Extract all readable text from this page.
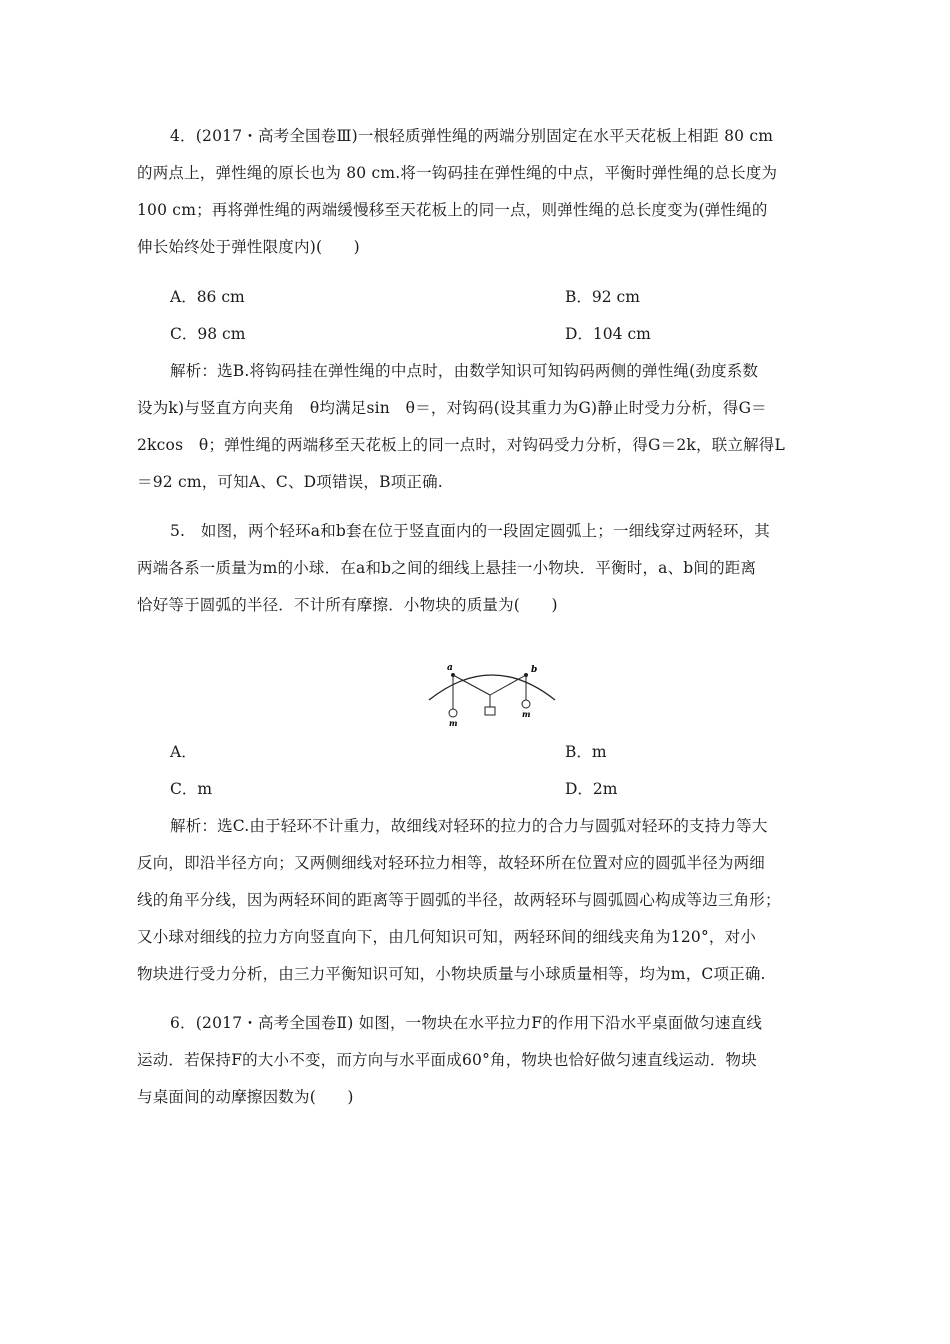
4．(2017・高考全国卷Ⅲ)一根轻质弹性绳的两端分别固定在水平天花板上相距 80 cm
的两点上，弹性绳的原长也为 80 cm.将一钩码挂在弹性绳的中点，平衡时弹性绳的总长度为
100 cm；再将弹性绳的两端缓慢移至天花板上的同一点，则弹性绳的总长度变为(弹性绳的
伸长始终处于弹性限度内)(　　)
A．86 cm	B．92 cm
C．98 cm	D．104 cm
解析：选B.将钩码挂在弹性绳的中点时，由数学知识可知钩码两侧的弹性绳(劲度系数
设为k)与竖直方向夹角　θ均满足sin　θ＝，对钩码(设其重力为G)静止时受力分析，得G＝
2kcos　θ；弹性绳的两端移至天花板上的同一点时，对钩码受力分析，得G＝2k，联立解得L
＝92 cm，可知A、C、D项错误，B项正确.
5.　如图，两个轻环a和b套在位于竖直面内的一段固定圆弧上；一细线穿过两轻环，其
两端各系一质量为m的小球．在a和b之间的细线上悬挂一小物块．平衡时，a、b间的距离
恰好等于圆弧的半径．不计所有摩擦．小物块的质量为(　　)
a	b
m
m
A．	B．m
C．m	D．2m
解析：选C.由于轻环不计重力，故细线对轻环的拉力的合力与圆弧对轻环的支持力等大
反向，即沿半径方向；又两侧细线对轻环拉力相等，故轻环所在位置对应的圆弧半径为两细
线的角平分线，因为两轻环间的距离等于圆弧的半径，故两轻环与圆弧圆心构成等边三角形；
又小球对细线的拉力方向竖直向下，由几何知识可知，两轻环间的细线夹角为120°，对小
物块进行受力分析，由三力平衡知识可知，小物块质量与小球质量相等，均为m，C项正确.
6．(2017・高考全国卷Ⅱ) 如图，一物块在水平拉力F的作用下沿水平桌面做匀速直线
运动．若保持F的大小不变，而方向与水平面成60°角，物块也恰好做匀速直线运动．物块
与桌面间的动摩擦因数为(　　)
